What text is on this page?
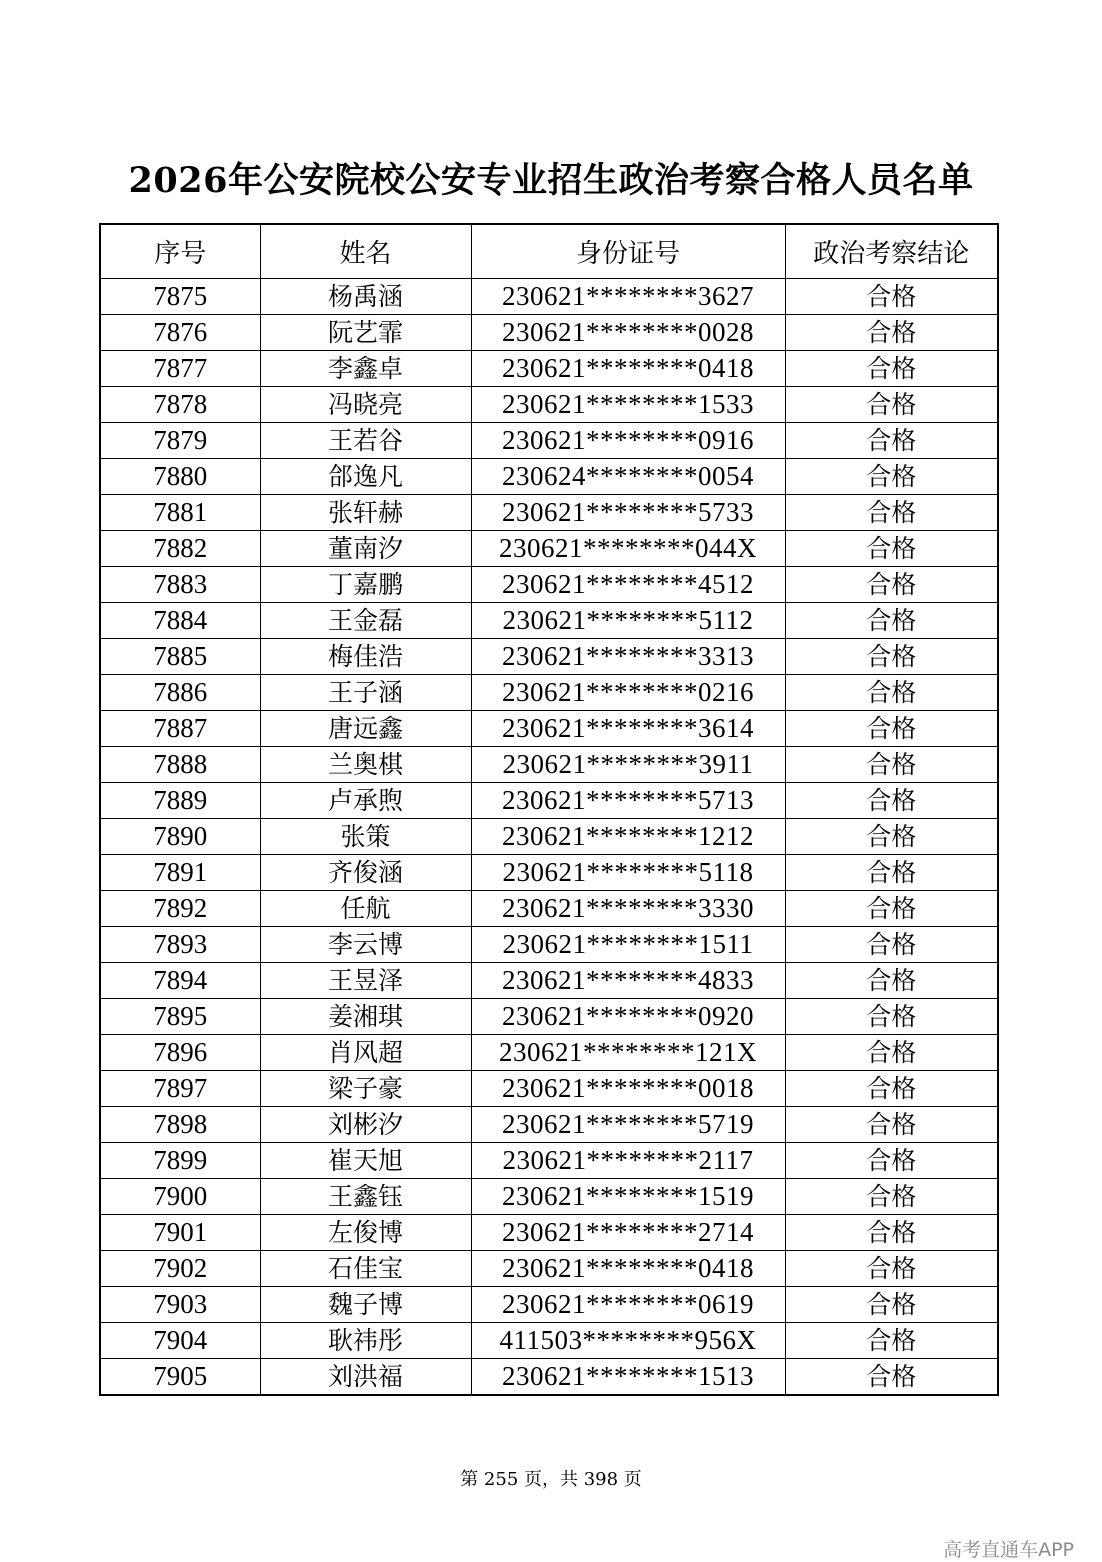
2026年公安院校公安专业招生政治考察合格人员名单
序号	姓名	身份证号	政治考察结论
7875	杨禹涵	230621********3627	合格
7876	阮艺霏	230621********0028	合格
7877	李鑫卓	230621********0418	合格
7878	冯晓亮	230621********1533	合格
7879	王若谷	230621********0916	合格
7880	郃逸凡	230624********0054	合格
7881	张轩赫	230621********5733	合格
7882	董南汐	230621********044X	合格
7883	丁嘉鹏	230621********4512	合格
7884	王金磊	230621********5112	合格
7885	梅佳浩	230621********3313	合格
7886	王子涵	230621********0216	合格
7887	唐远鑫	230621********3614	合格
7888	兰奥棋	230621********3911	合格
7889	卢承煦	230621********5713	合格
7890	张策	230621********1212	合格
7891	齐俊涵	230621********5118	合格
7892	任航	230621********3330	合格
7893	李云博	230621********1511	合格
7894	王昱泽	230621********4833	合格
7895	姜湘琪	230621********0920	合格
7896	肖风超	230621********121X	合格
7897	梁子豪	230621********0018	合格
7898	刘彬汐	230621********5719	合格
7899	崔天旭	230621********2117	合格
7900	王鑫钰	230621********1519	合格
7901	左俊博	230621********2714	合格
7902	石佳宝	230621********0418	合格
7903	魏子博	230621********0619	合格
7904	耿祎彤	411503********956X	合格
7905	刘洪福	230621********1513	合格
第 255 页，共 398 页
高考直通车APP
